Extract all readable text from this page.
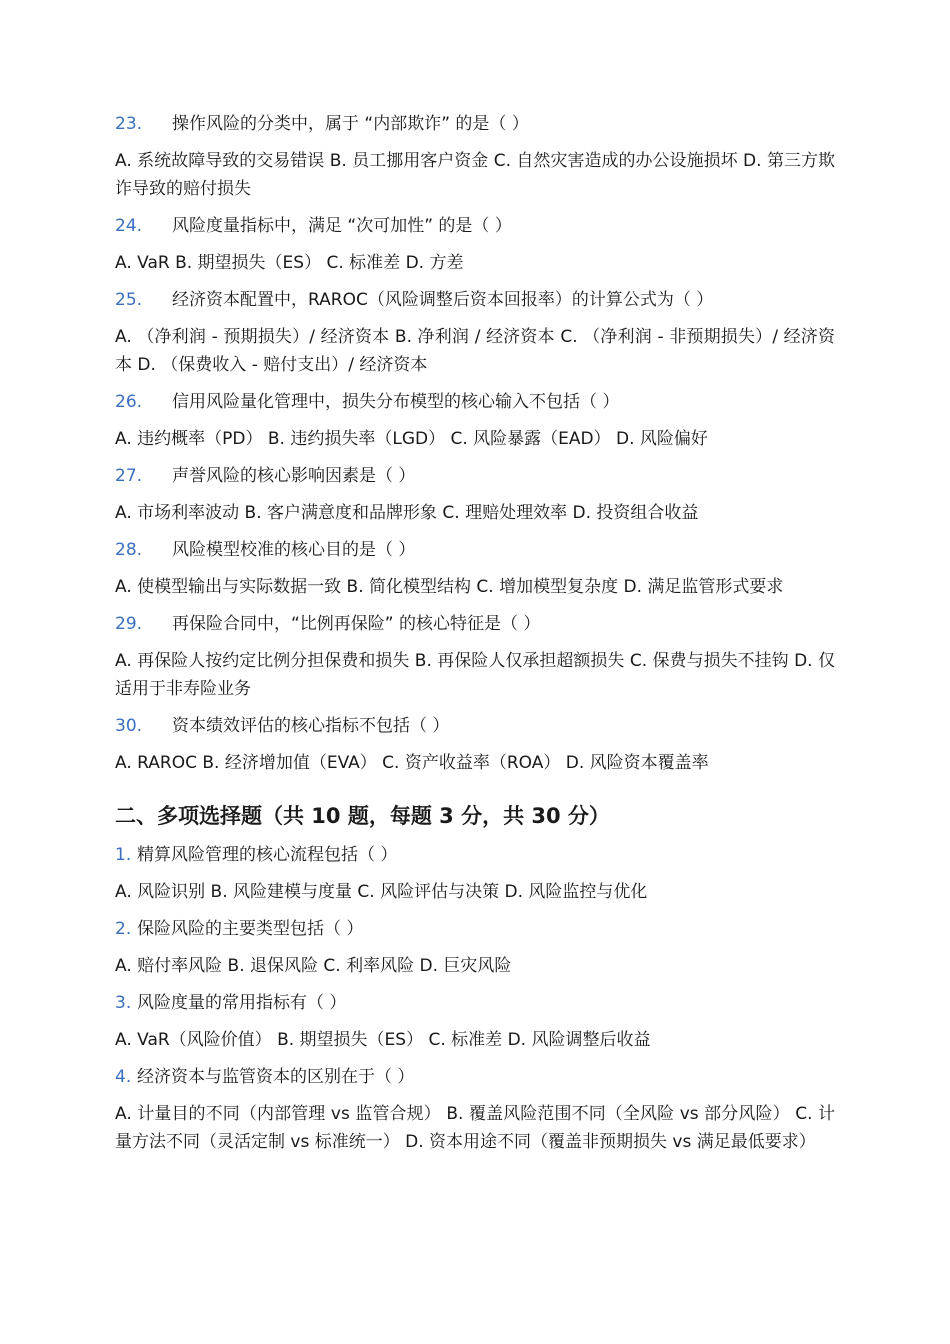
23. 操作风险的分类中，属于 “内部欺诈” 的是（ ）
A. 系统故障导致的交易错误 B. 员工挪用客户资金 C. 自然灾害造成的办公设施损坏 D. 第三方欺诈导致的赔付损失
24. 风险度量指标中，满足 “次可加性” 的是（ ）
A. VaR B. 期望损失（ES） C. 标准差 D. 方差
25. 经济资本配置中，RAROC（风险调整后资本回报率）的计算公式为（ ）
A. （净利润 - 预期损失）/ 经济资本 B. 净利润 / 经济资本 C. （净利润 - 非预期损失）/ 经济资本 D. （保费收入 - 赔付支出）/ 经济资本
26. 信用风险量化管理中，损失分布模型的核心输入不包括（ ）
A. 违约概率（PD） B. 违约损失率（LGD） C. 风险暴露（EAD） D. 风险偏好
27. 声誉风险的核心影响因素是（ ）
A. 市场利率波动 B. 客户满意度和品牌形象 C. 理赔处理效率 D. 投资组合收益
28. 风险模型校准的核心目的是（ ）
A. 使模型输出与实际数据一致 B. 简化模型结构 C. 增加模型复杂度 D. 满足监管形式要求
29. 再保险合同中，“比例再保险” 的核心特征是（ ）
A. 再保险人按约定比例分担保费和损失 B. 再保险人仅承担超额损失 C. 保费与损失不挂钩 D. 仅适用于非寿险业务
30. 资本绩效评估的核心指标不包括（ ）
A. RAROC B. 经济增加值（EVA） C. 资产收益率（ROA） D. 风险资本覆盖率
二、多项选择题（共 10 题，每题 3 分，共 30 分）
1. 精算风险管理的核心流程包括（ ）
A. 风险识别 B. 风险建模与度量 C. 风险评估与决策 D. 风险监控与优化
2. 保险风险的主要类型包括（ ）
A. 赔付率风险 B. 退保风险 C. 利率风险 D. 巨灾风险
3. 风险度量的常用指标有（ ）
A. VaR（风险价值） B. 期望损失（ES） C. 标准差 D. 风险调整后收益
4. 经济资本与监管资本的区别在于（ ）
A. 计量目的不同（内部管理 vs 监管合规） B. 覆盖风险范围不同（全风险 vs 部分风险） C. 计量方法不同（灵活定制 vs 标准统一） D. 资本用途不同（覆盖非预期损失 vs 满足最低要求）
